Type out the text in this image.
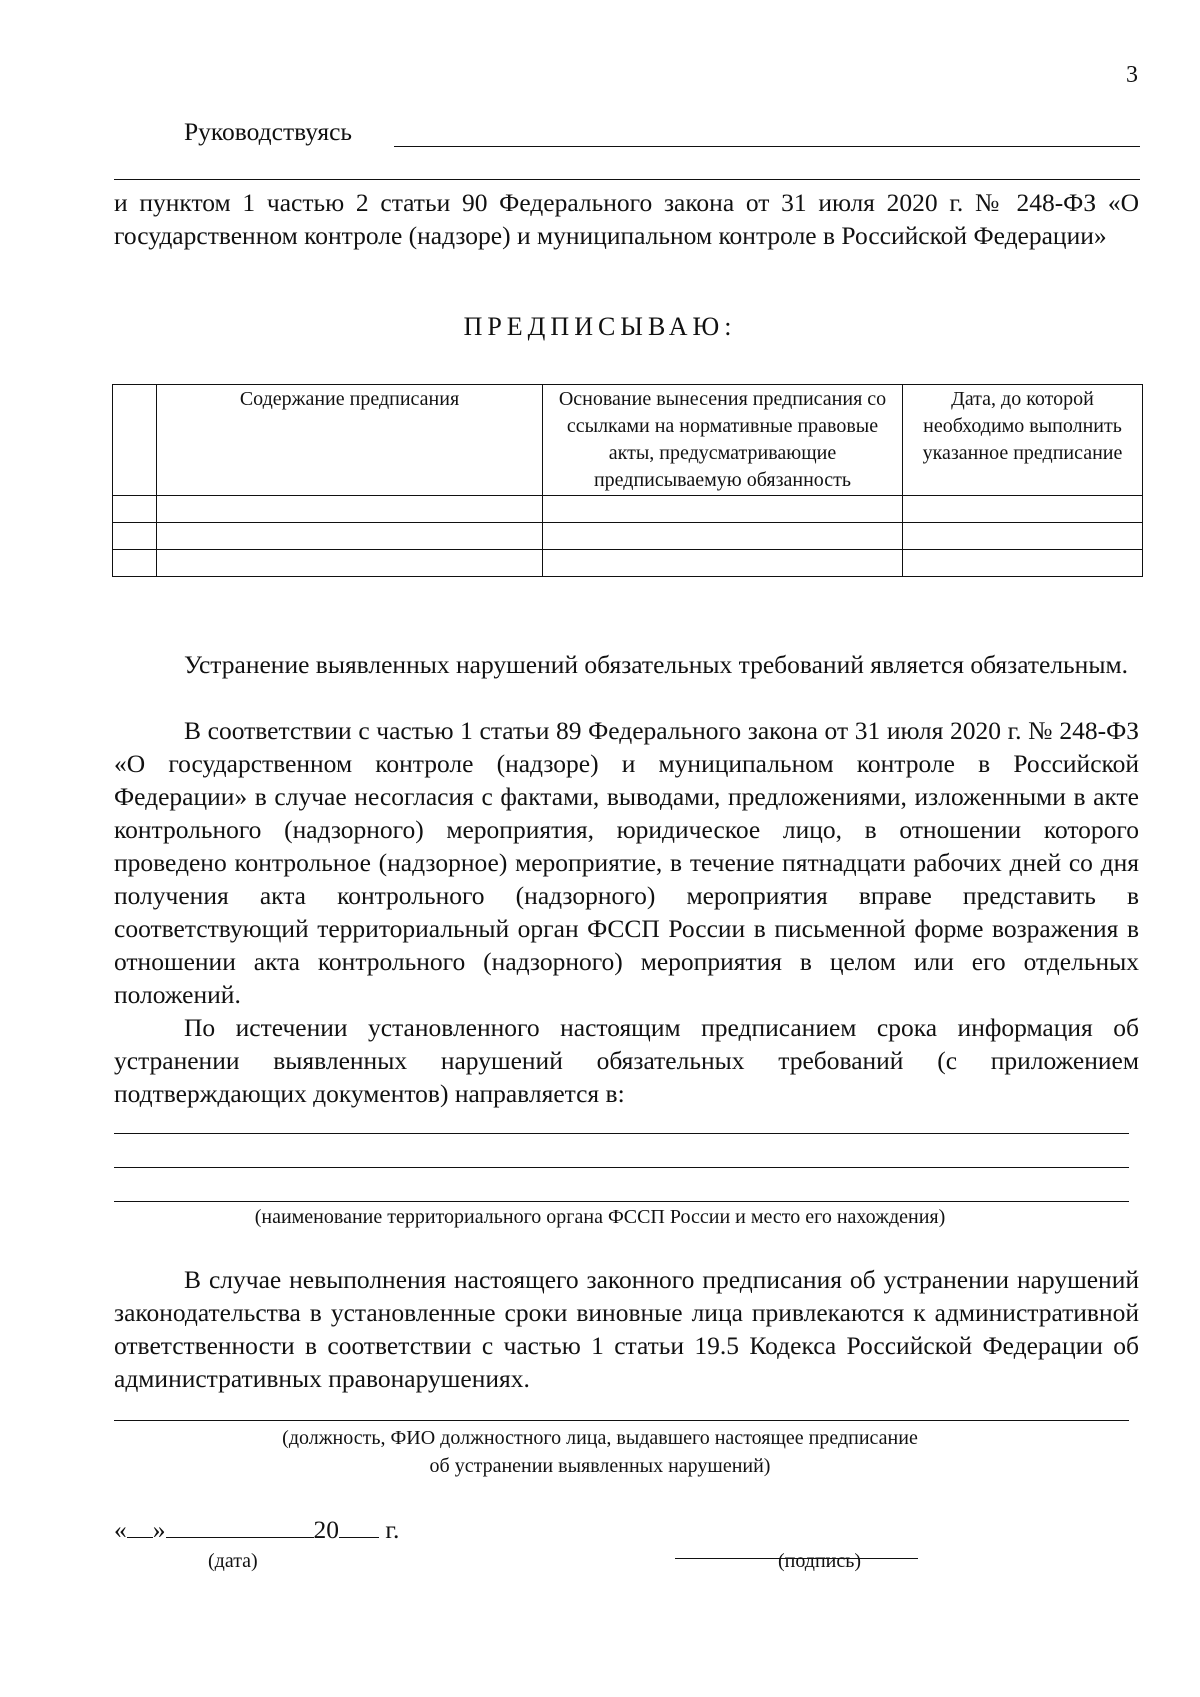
3
Руководствуясь

и пунктом 1 частью 2 статьи 90 Федерального закона от 31 июля 2020 г. № 248-ФЗ «О государственном контроле (надзоре) и муниципальном контроле в Российской Федерации»

ПРЕДПИСЫВАЮ:
	Содержание предписания	Основание вынесения предписания со ссылками на нормативные правовые акты, предусматривающие предписываемую обязанность	Дата, до которой необходимо выполнить указанное предписание

Устранение выявленных нарушений обязательных требований является обязательным.

В соответствии с частью 1 статьи 89 Федерального закона от 31 июля 2020 г. № 248-ФЗ «О государственном контроле (надзоре) и муниципальном контроле в Российской Федерации» в случае несогласия с фактами, выводами, предложениями, изложенными в акте контрольного (надзорного) мероприятия, юридическое лицо, в отношении которого проведено контрольное (надзорное) мероприятие, в течение пятнадцати рабочих дней со дня получения акта контрольного (надзорного) мероприятия вправе представить в соответствующий территориальный орган ФССП России в письменной форме возражения в отношении акта контрольного (надзорного) мероприятия в целом или его отдельных положений.

По истечении установленного настоящим предписанием срока информация об устранении выявленных нарушений обязательных требований (с приложением подтверждающих документов) направляется в:

(наименование территориального органа ФССП России и место его нахождения)

В случае невыполнения настоящего законного предписания об устранении нарушений законодательства в установленные сроки виновные лица привлекаются к административной ответственности в соответствии с частью 1 статьи 19.5 Кодекса Российской Федерации об административных правонарушениях.

(должность, ФИО должностного лица, выдавшего настоящее предписание
об устранении выявленных нарушений)
« »	20 г.
(дата)	(подпись)
